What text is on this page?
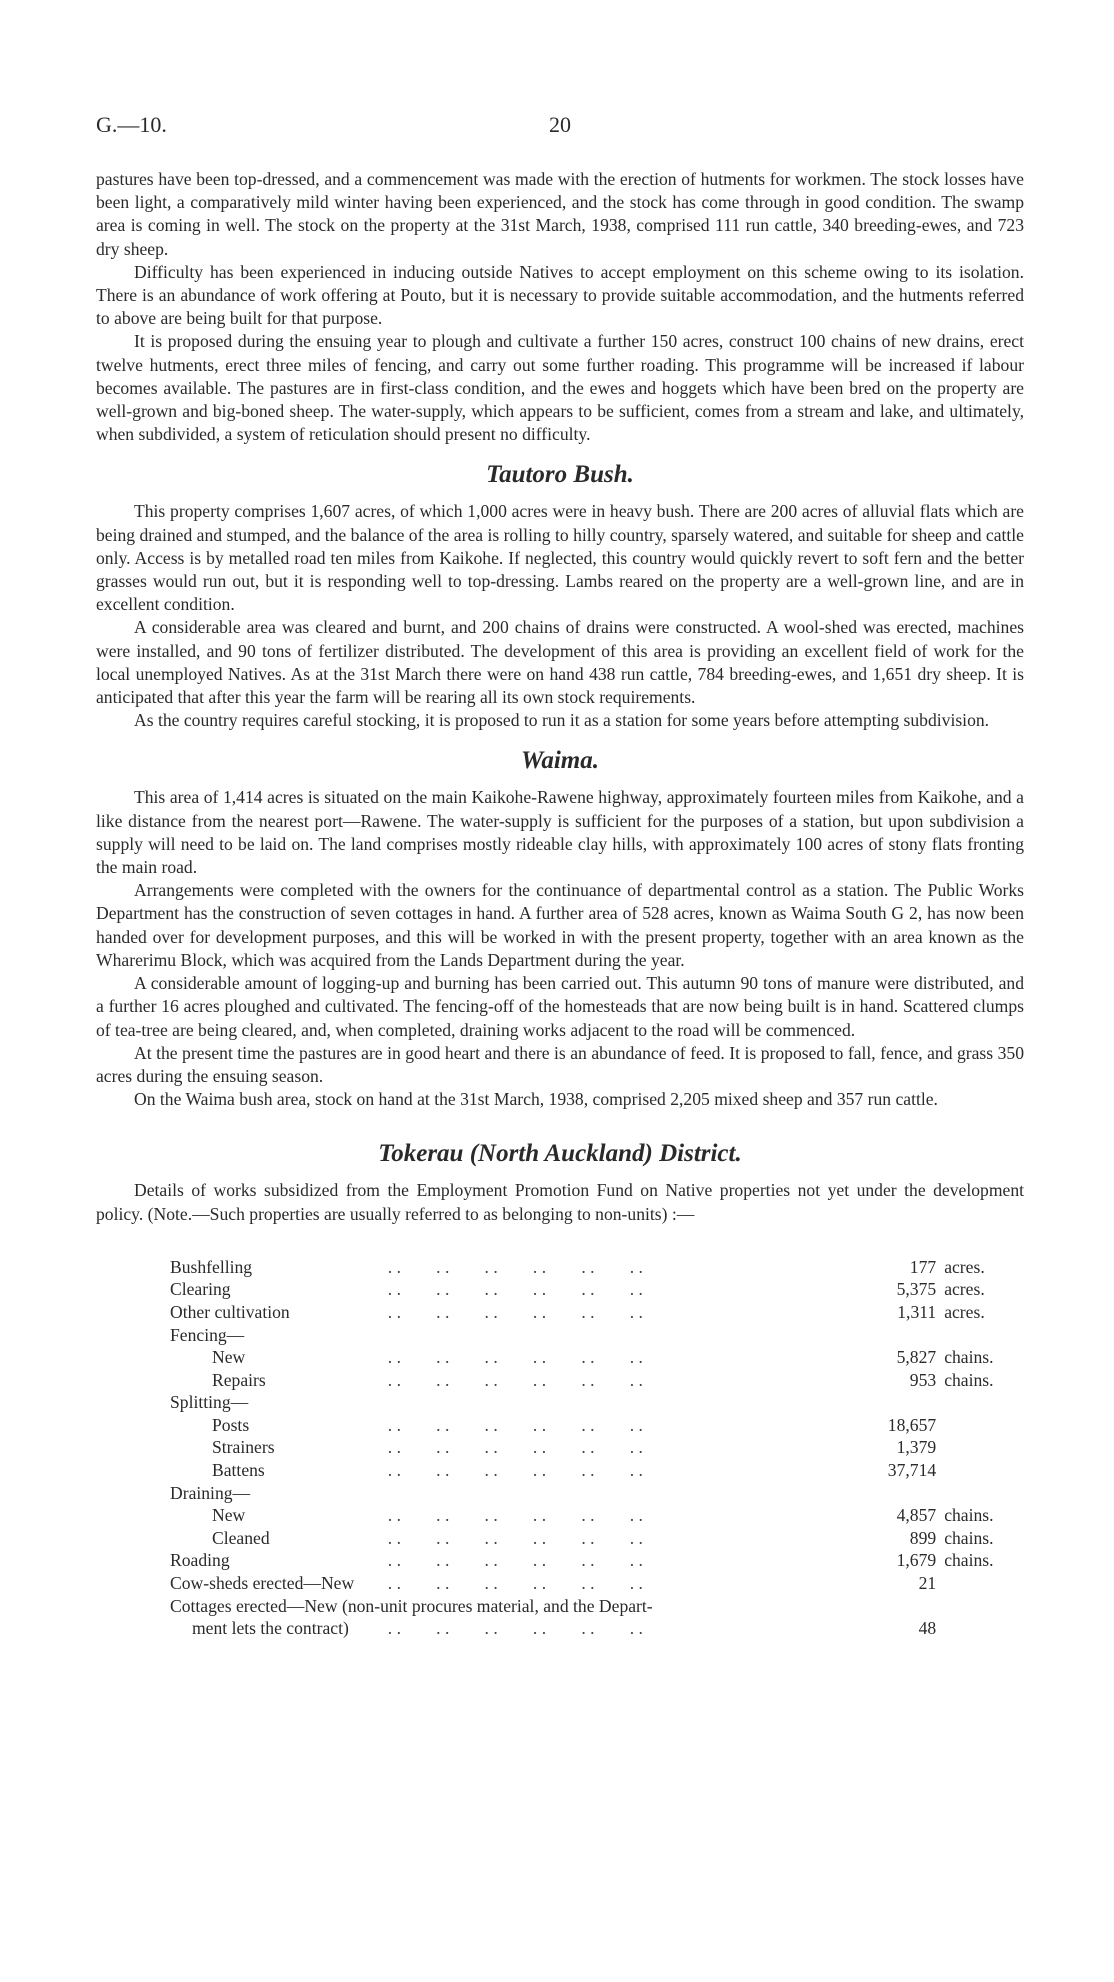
G.—10.	20

pastures have been top-dressed, and a commencement was made with the erection of hutments for workmen. The stock losses have been light, a comparatively mild winter having been experienced, and the stock has come through in good condition. The swamp area is coming in well. The stock on the property at the 31st March, 1938, comprised 111 run cattle, 340 breeding-ewes, and 723 dry sheep.

Difficulty has been experienced in inducing outside Natives to accept employment on this scheme owing to its isolation. There is an abundance of work offering at Pouto, but it is necessary to provide suitable accommodation, and the hutments referred to above are being built for that purpose.

It is proposed during the ensuing year to plough and cultivate a further 150 acres, construct 100 chains of new drains, erect twelve hutments, erect three miles of fencing, and carry out some further roading. This programme will be increased if labour becomes available. The pastures are in first-class condition, and the ewes and hoggets which have been bred on the property are well-grown and big-boned sheep. The water-supply, which appears to be sufficient, comes from a stream and lake, and ultimately, when subdivided, a system of reticulation should present no difficulty.

Tautoro Bush.

This property comprises 1,607 acres, of which 1,000 acres were in heavy bush. There are 200 acres of alluvial flats which are being drained and stumped, and the balance of the area is rolling to hilly country, sparsely watered, and suitable for sheep and cattle only. Access is by metalled road ten miles from Kaikohe. If neglected, this country would quickly revert to soft fern and the better grasses would run out, but it is responding well to top-dressing. Lambs reared on the property are a well-grown line, and are in excellent condition.

A considerable area was cleared and burnt, and 200 chains of drains were constructed. A wool-shed was erected, machines were installed, and 90 tons of fertilizer distributed. The development of this area is providing an excellent field of work for the local unemployed Natives. As at the 31st March there were on hand 438 run cattle, 784 breeding-ewes, and 1,651 dry sheep. It is anticipated that after this year the farm will be rearing all its own stock requirements.

As the country requires careful stocking, it is proposed to run it as a station for some years before attempting subdivision.

Waima.

This area of 1,414 acres is situated on the main Kaikohe-Rawene highway, approximately fourteen miles from Kaikohe, and a like distance from the nearest port—Rawene. The water-supply is sufficient for the purposes of a station, but upon subdivision a supply will need to be laid on. The land comprises mostly rideable clay hills, with approximately 100 acres of stony flats fronting the main road.

Arrangements were completed with the owners for the continuance of departmental control as a station. The Public Works Department has the construction of seven cottages in hand. A further area of 528 acres, known as Waima South G 2, has now been handed over for development purposes, and this will be worked in with the present property, together with an area known as the Wharerimu Block, which was acquired from the Lands Department during the year.

A considerable amount of logging-up and burning has been carried out. This autumn 90 tons of manure were distributed, and a further 16 acres ploughed and cultivated. The fencing-off of the homesteads that are now being built is in hand. Scattered clumps of tea-tree are being cleared, and, when completed, draining works adjacent to the road will be commenced.

At the present time the pastures are in good heart and there is an abundance of feed. It is proposed to fall, fence, and grass 350 acres during the ensuing season.

On the Waima bush area, stock on hand at the 31st March, 1938, comprised 2,205 mixed sheep and 357 run cattle.

Tokerau (North Auckland) District.

Details of works subsidized from the Employment Promotion Fund on Native properties not yet under the development policy. (Note.—Such properties are usually referred to as belonging to non-units) :—

Bushfelling	. .        . .        . .        . .        . .        . .	177	acres.
Clearing	. .        . .        . .        . .        . .        . .	5,375	acres.
Other cultivation	. .        . .        . .        . .        . .        . .	1,311	acres.
Fencing—			
New	. .        . .        . .        . .        . .        . .	5,827	chains.
Repairs	. .        . .        . .        . .        . .        . .	953	chains.
Splitting—			
Posts	. .        . .        . .        . .        . .        . .	18,657	
Strainers	. .        . .        . .        . .        . .        . .	1,379	
Battens	. .        . .        . .        . .        . .        . .	37,714	
Draining—			
New	. .        . .        . .        . .        . .        . .	4,857	chains.
Cleaned	. .        . .        . .        . .        . .        . .	899	chains.
Roading	. .        . .        . .        . .        . .        . .	1,679	chains.
Cow-sheds erected—New	. .        . .        . .        . .        . .        . .	21	
Cottages erected—New (non-unit procures material, and the Depart-			
ment lets the contract)	. .        . .        . .        . .        . .        . .	48	
